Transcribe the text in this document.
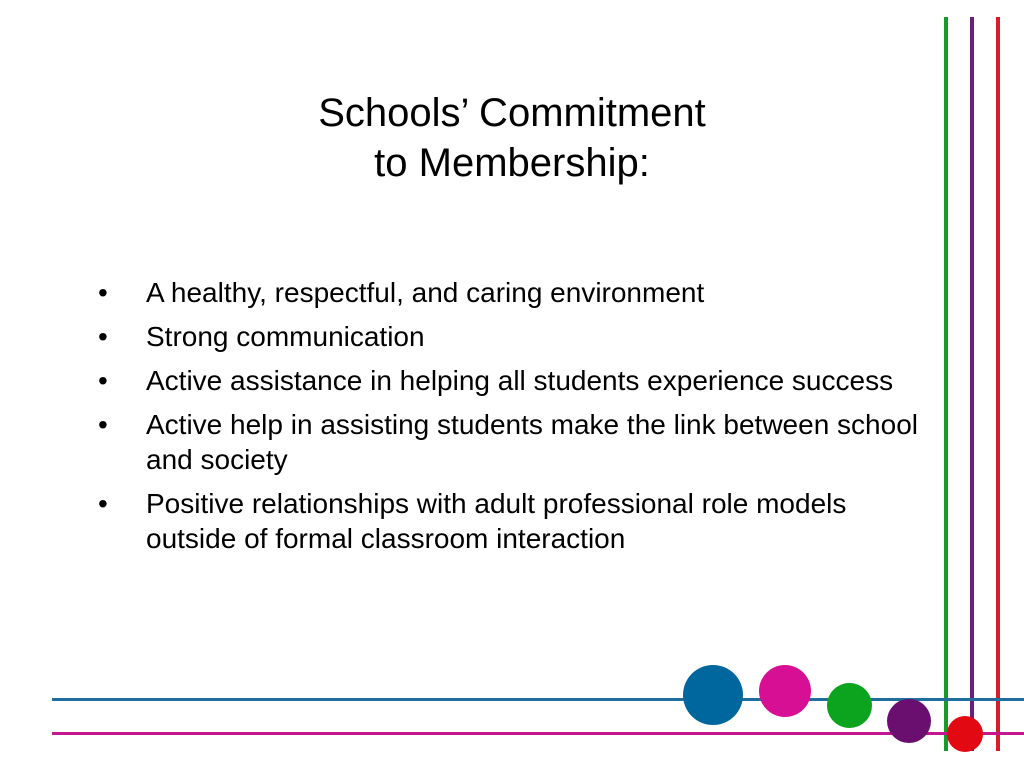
Schools’ Commitment
to Membership:
• A healthy, respectful, and caring environment
• Strong communication
• Active assistance in helping all students experience success
• Active help in assisting students make the link between school and society
• Positive relationships with adult professional role models outside of formal classroom interaction
